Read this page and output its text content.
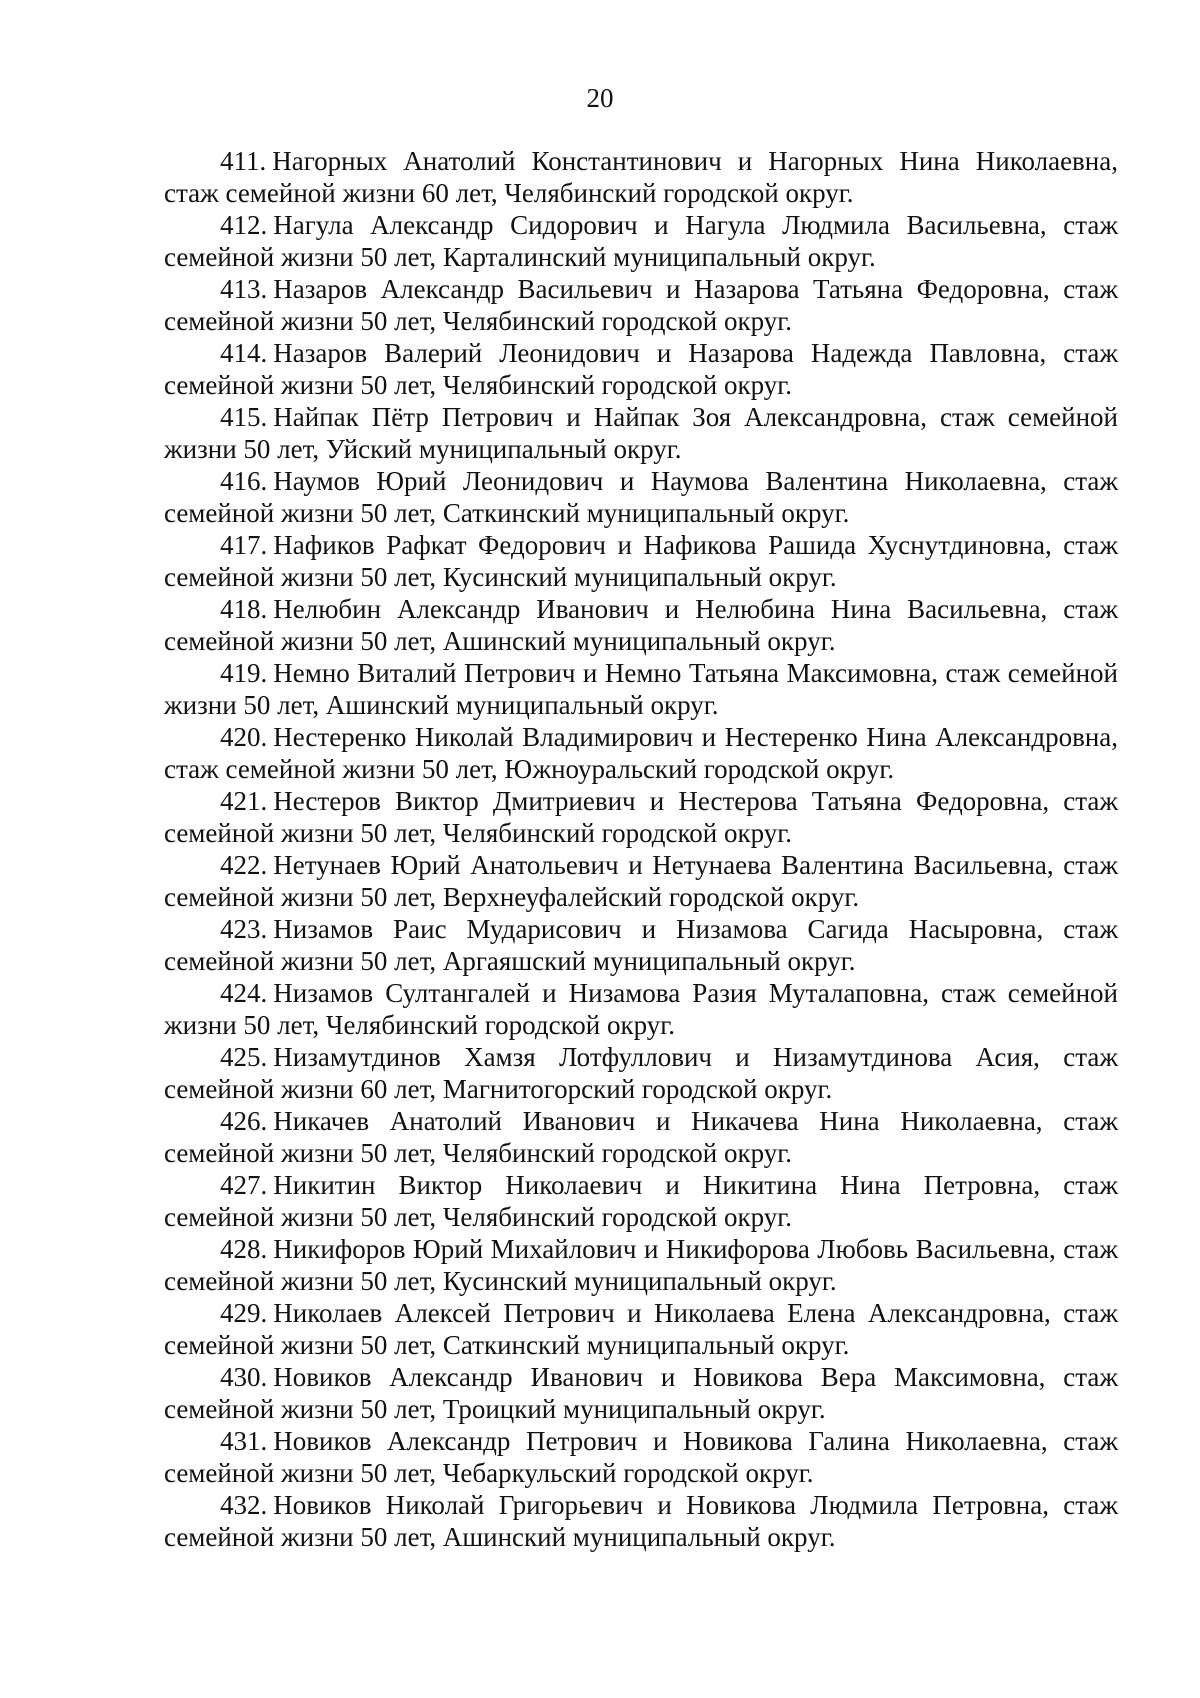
20

411. Нагорных Анатолий Константинович и Нагорных Нина Николаевна, стаж семейной жизни 60 лет, Челябинский городской округ.

412. Нагула Александр Сидорович и Нагула Людмила Васильевна, стаж семейной жизни 50 лет, Карталинский муниципальный округ.

413. Назаров Александр Васильевич и Назарова Татьяна Федоровна, стаж семейной жизни 50 лет, Челябинский городской округ.

414. Назаров Валерий Леонидович и Назарова Надежда Павловна, стаж семейной жизни 50 лет, Челябинский городской округ.

415. Найпак Пётр Петрович и Найпак Зоя Александровна, стаж семейной жизни 50 лет, Уйский муниципальный округ.

416. Наумов Юрий Леонидович и Наумова Валентина Николаевна, стаж семейной жизни 50 лет, Саткинский муниципальный округ.

417. Нафиков Рафкат Федорович и Нафикова Рашида Хуснутдиновна, стаж семейной жизни 50 лет, Кусинский муниципальный округ.

418. Нелюбин Александр Иванович и Нелюбина Нина Васильевна, стаж семейной жизни 50 лет, Ашинский муниципальный округ.

419. Немно Виталий Петрович и Немно Татьяна Максимовна, стаж семейной жизни 50 лет, Ашинский муниципальный округ.

420. Нестеренко Николай Владимирович и Нестеренко Нина Александровна, стаж семейной жизни 50 лет, Южноуральский городской округ.

421. Нестеров Виктор Дмитриевич и Нестерова Татьяна Федоровна, стаж семейной жизни 50 лет, Челябинский городской округ.

422. Нетунаев Юрий Анатольевич и Нетунаева Валентина Васильевна, стаж семейной жизни 50 лет, Верхнеуфалейский городской округ.

423. Низамов Раис Мударисович и Низамова Сагида Насыровна, стаж семейной жизни 50 лет, Аргаяшский муниципальный округ.

424. Низамов Султангалей и Низамова Разия Муталаповна, стаж семейной жизни 50 лет, Челябинский городской округ.

425. Низамутдинов Хамзя Лотфуллович и Низамутдинова Асия, стаж семейной жизни 60 лет, Магнитогорский городской округ.

426. Никачев Анатолий Иванович и Никачева Нина Николаевна, стаж семейной жизни 50 лет, Челябинский городской округ.

427. Никитин Виктор Николаевич и Никитина Нина Петровна, стаж семейной жизни 50 лет, Челябинский городской округ.

428. Никифоров Юрий Михайлович и Никифорова Любовь Васильевна, стаж семейной жизни 50 лет, Кусинский муниципальный округ.

429. Николаев Алексей Петрович и Николаева Елена Александровна, стаж семейной жизни 50 лет, Саткинский муниципальный округ.

430. Новиков Александр Иванович и Новикова Вера Максимовна, стаж семейной жизни 50 лет, Троицкий муниципальный округ.

431. Новиков Александр Петрович и Новикова Галина Николаевна, стаж семейной жизни 50 лет, Чебаркульский городской округ.

432. Новиков Николай Григорьевич и Новикова Людмила Петровна, стаж семейной жизни 50 лет, Ашинский муниципальный округ.
